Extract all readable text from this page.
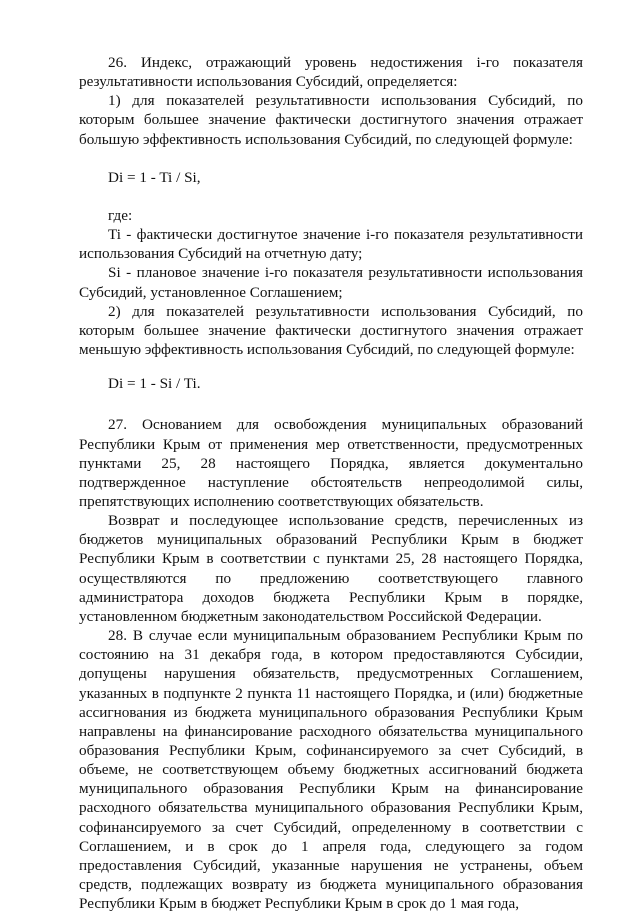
26. Индекс, отражающий уровень недостижения i-го показателя результативности использования Субсидий, определяется:

1) для показателей результативности использования Субсидий, по которым большее значение фактически достигнутого значения отражает большую эффективность использования Субсидий, по следующей формуле:

Di = 1 - Ti / Si,

где:

Ti - фактически достигнутое значение i-го показателя результативности использования Субсидий на отчетную дату;

Si - плановое значение i-го показателя результативности использования Субсидий, установленное Соглашением;

2) для показателей результативности использования Субсидий, по которым большее значение фактически достигнутого значения отражает меньшую эффективность использования Субсидий, по следующей формуле:

Di = 1 - Si / Ti.

27. Основанием для освобождения муниципальных образований Республики Крым от применения мер ответственности, предусмотренных пунктами 25, 28 настоящего Порядка, является документально подтвержденное наступление обстоятельств непреодолимой силы, препятствующих исполнению соответствующих обязательств.

Возврат и последующее использование средств, перечисленных из бюджетов муниципальных образований Республики Крым в бюджет Республики Крым в соответствии с пунктами 25, 28 настоящего Порядка, осуществляются по предложению соответствующего главного администратора доходов бюджета Республики Крым в порядке, установленном бюджетным законодательством Российской Федерации.

28. В случае если муниципальным образованием Республики Крым по состоянию на 31 декабря года, в котором предоставляются Субсидии, допущены нарушения обязательств, предусмотренных Соглашением, указанных в подпункте 2 пункта 11 настоящего Порядка, и (или) бюджетные ассигнования из бюджета муниципального образования Республики Крым направлены на финансирование расходного обязательства муниципального образования Республики Крым, софинансируемого за счет Субсидий, в объеме, не соответствующем объему бюджетных ассигнований бюджета муниципального образования Республики Крым на финансирование расходного обязательства муниципального образования Республики Крым, софинансируемого за счет Субсидий, определенному в соответствии с Соглашением, и в срок до 1 апреля года, следующего за годом предоставления Субсидий, указанные нарушения не устранены, объем средств, подлежащих возврату из бюджета муниципального образования Республики Крым в бюджет Республики Крым в срок до 1 мая года,
